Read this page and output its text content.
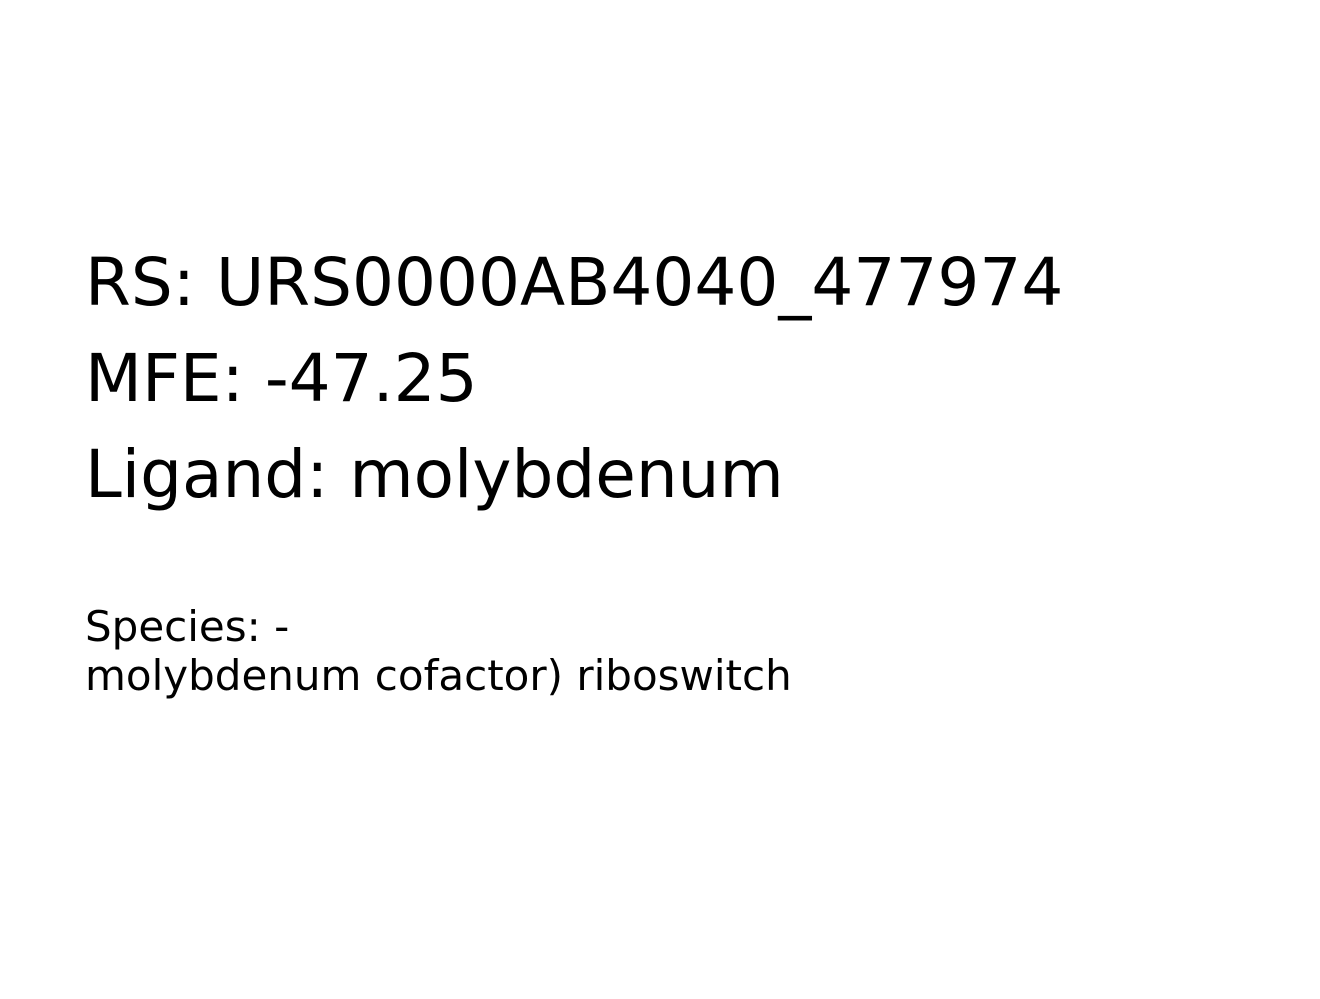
RS: URS0000AB4040_477974
MFE: -47.25
Ligand: molybdenum
Species: -
molybdenum cofactor) riboswitch
